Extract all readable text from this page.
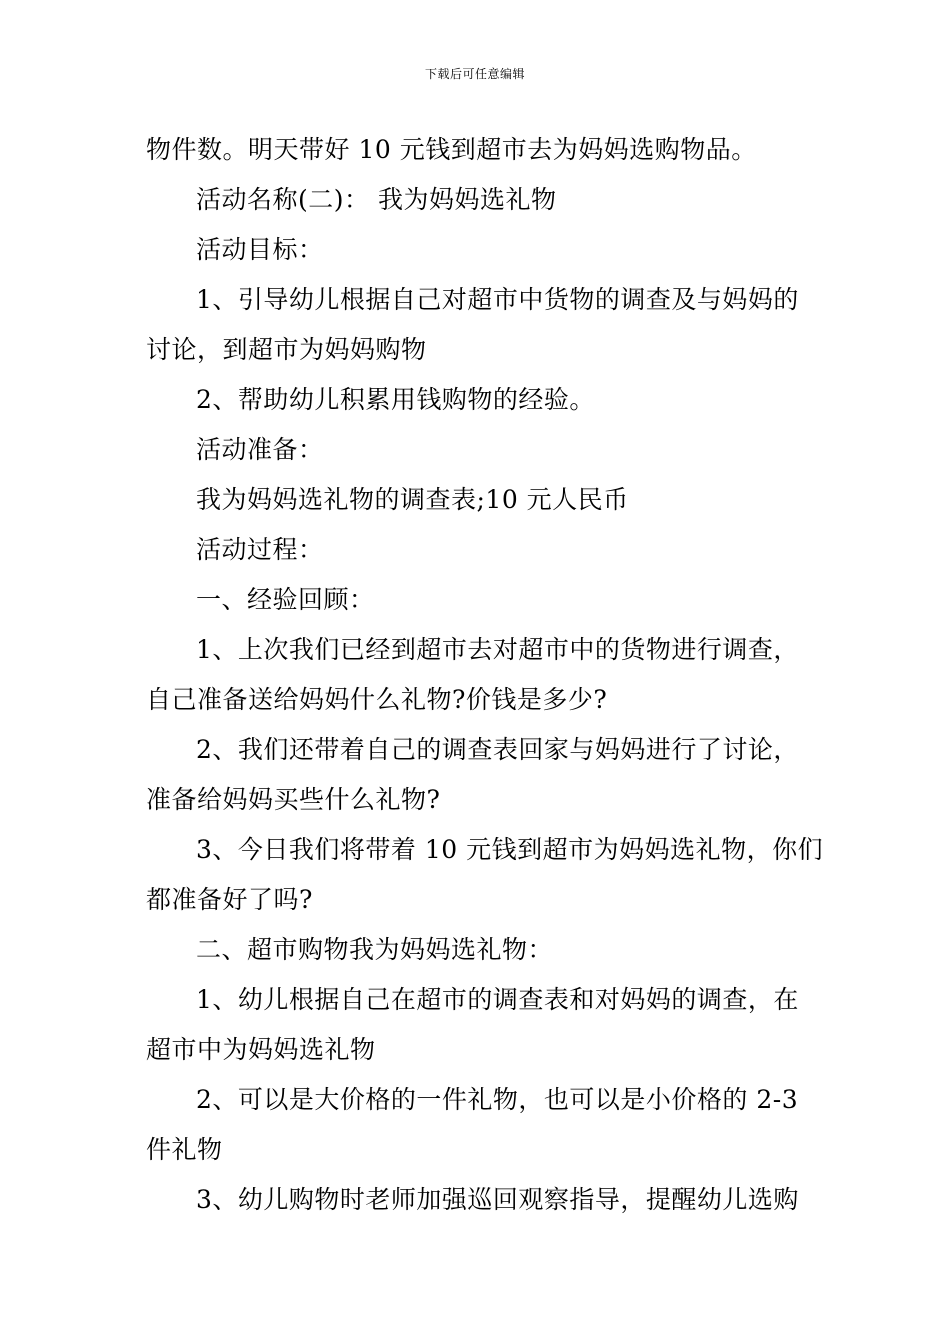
下载后可任意编辑
物件数。明天带好 10 元钱到超市去为妈妈选购物品。
活动名称(二)： 我为妈妈选礼物
活动目标：
1、引导幼儿根据自己对超市中货物的调查及与妈妈的
讨论，到超市为妈妈购物
2、帮助幼儿积累用钱购物的经验。
活动准备：
我为妈妈选礼物的调查表;10 元人民币
活动过程：
一、经验回顾：
1、上次我们已经到超市去对超市中的货物进行调查，
自己准备送给妈妈什么礼物?价钱是多少?
2、我们还带着自己的调查表回家与妈妈进行了讨论，
准备给妈妈买些什么礼物?
3、今日我们将带着 10 元钱到超市为妈妈选礼物，你们
都准备好了吗?
二、超市购物我为妈妈选礼物：
1、幼儿根据自己在超市的调查表和对妈妈的调查，在
超市中为妈妈选礼物
2、可以是大价格的一件礼物，也可以是小价格的 2-3
件礼物
3、幼儿购物时老师加强巡回观察指导，提醒幼儿选购
